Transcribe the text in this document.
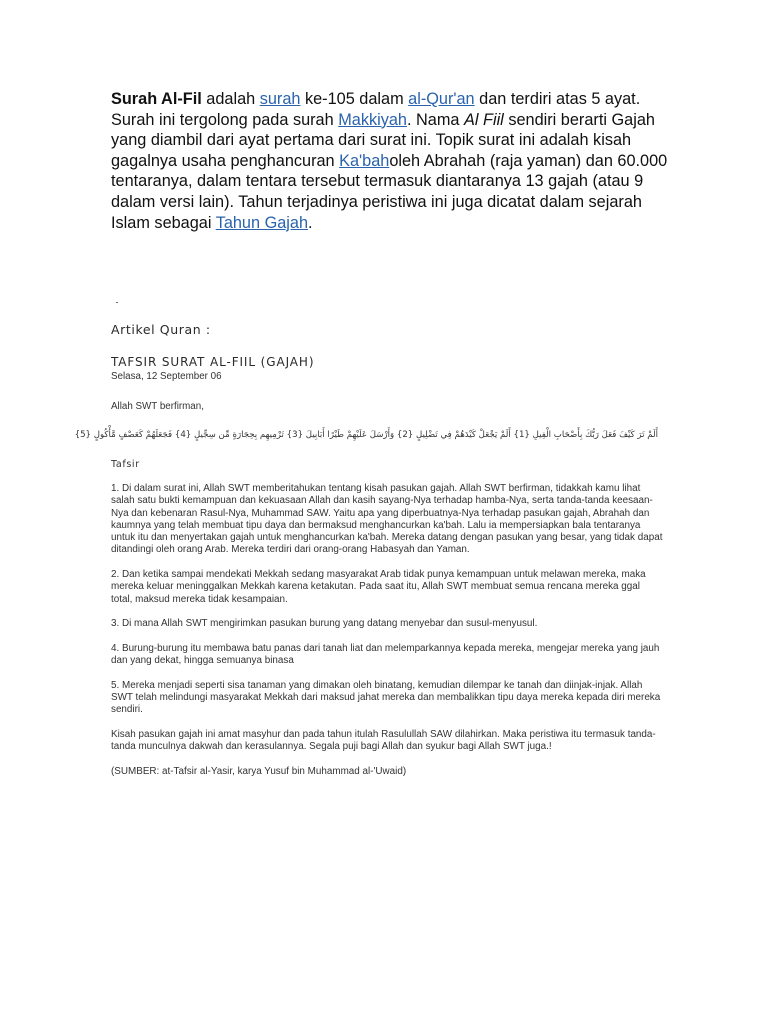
Surah Al-Fil adalah surah ke-105 dalam al-Qur'an dan terdiri atas 5 ayat. Surah ini tergolong pada surah Makkiyah. Nama Al Fiil sendiri berarti Gajah yang diambil dari ayat pertama dari surat ini. Topik surat ini adalah kisah gagalnya usaha penghancuran Ka'baholeh Abrahah (raja yaman) dan 60.000 tentaranya, dalam tentara tersebut termasuk diantaranya 13 gajah (atau 9 dalam versi lain). Tahun terjadinya peristiwa ini juga dicatat dalam sejarah Islam sebagai Tahun Gajah.

ـ
Artikel Quran :
TAFSIR SURAT AL-FIIL (GAJAH)
Selasa, 12 September 06
Allah SWT berfirman,
أَلَمْ تَرَ كَيْفَ فَعَلَ رَبُّكَ بِأَصْحَابِ الْفِيلِ {1} أَلَمْ يَجْعَلْ كَيْدَهُمْ فِي تَضْلِيلٍ {2} وَأَرْسَلَ عَلَيْهِمْ طَيْرًا أَبَابِيلَ {3} تَرْمِيهِم بِحِجَارَةٍ مِّن سِجِّيلٍ {4} فَجَعَلَهُمْ كَعَصْفٍ مَّأْكُولٍ {5}
Tafsir

1. Di dalam surat ini, Allah SWT memberitahukan tentang kisah pasukan gajah. Allah SWT berfirman, tidakkah kamu lihat salah satu bukti kemampuan dan kekuasaan Allah dan kasih sayang-Nya terhadap hamba-Nya, serta tanda-tanda keesaan-Nya dan kebenaran Rasul-Nya, Muhammad SAW. Yaitu apa yang diperbuatnya-Nya terhadap pasukan gajah, Abrahah dan kaumnya yang telah membuat tipu daya dan bermaksud menghancurkan ka'bah. Lalu ia mempersiapkan bala tentaranya untuk itu dan menyertakan gajah untuk menghancurkan ka'bah. Mereka datang dengan pasukan yang besar, yang tidak dapat ditandingi oleh orang Arab. Mereka terdiri dari orang-orang Habasyah dan Yaman.

2. Dan ketika sampai mendekati Mekkah sedang masyarakat Arab tidak punya kemampuan untuk melawan mereka, maka mereka keluar meninggalkan Mekkah karena ketakutan. Pada saat itu, Allah SWT membuat semua rencana mereka ggal total, maksud mereka tidak kesampaian.

3. Di mana Allah SWT mengirimkan pasukan burung yang datang menyebar dan susul-menyusul.

4. Burung-burung itu membawa batu panas dari tanah liat dan melemparkannya kepada mereka, mengejar mereka yang jauh dan yang dekat, hingga semuanya binasa

5. Mereka menjadi seperti sisa tanaman yang dimakan oleh binatang, kemudian dilempar ke tanah dan diinjak-injak. Allah SWT telah melindungi masyarakat Mekkah dari maksud jahat mereka dan membalikkan tipu daya mereka kepada diri mereka sendiri.

Kisah pasukan gajah ini amat masyhur dan pada tahun itulah Rasulullah SAW dilahirkan. Maka peristiwa itu termasuk tanda-tanda munculnya dakwah dan kerasulannya. Segala puji bagi Allah dan syukur bagi Allah SWT juga.!

(SUMBER: at-Tafsir al-Yasir, karya Yusuf bin Muhammad al-'Uwaid)
